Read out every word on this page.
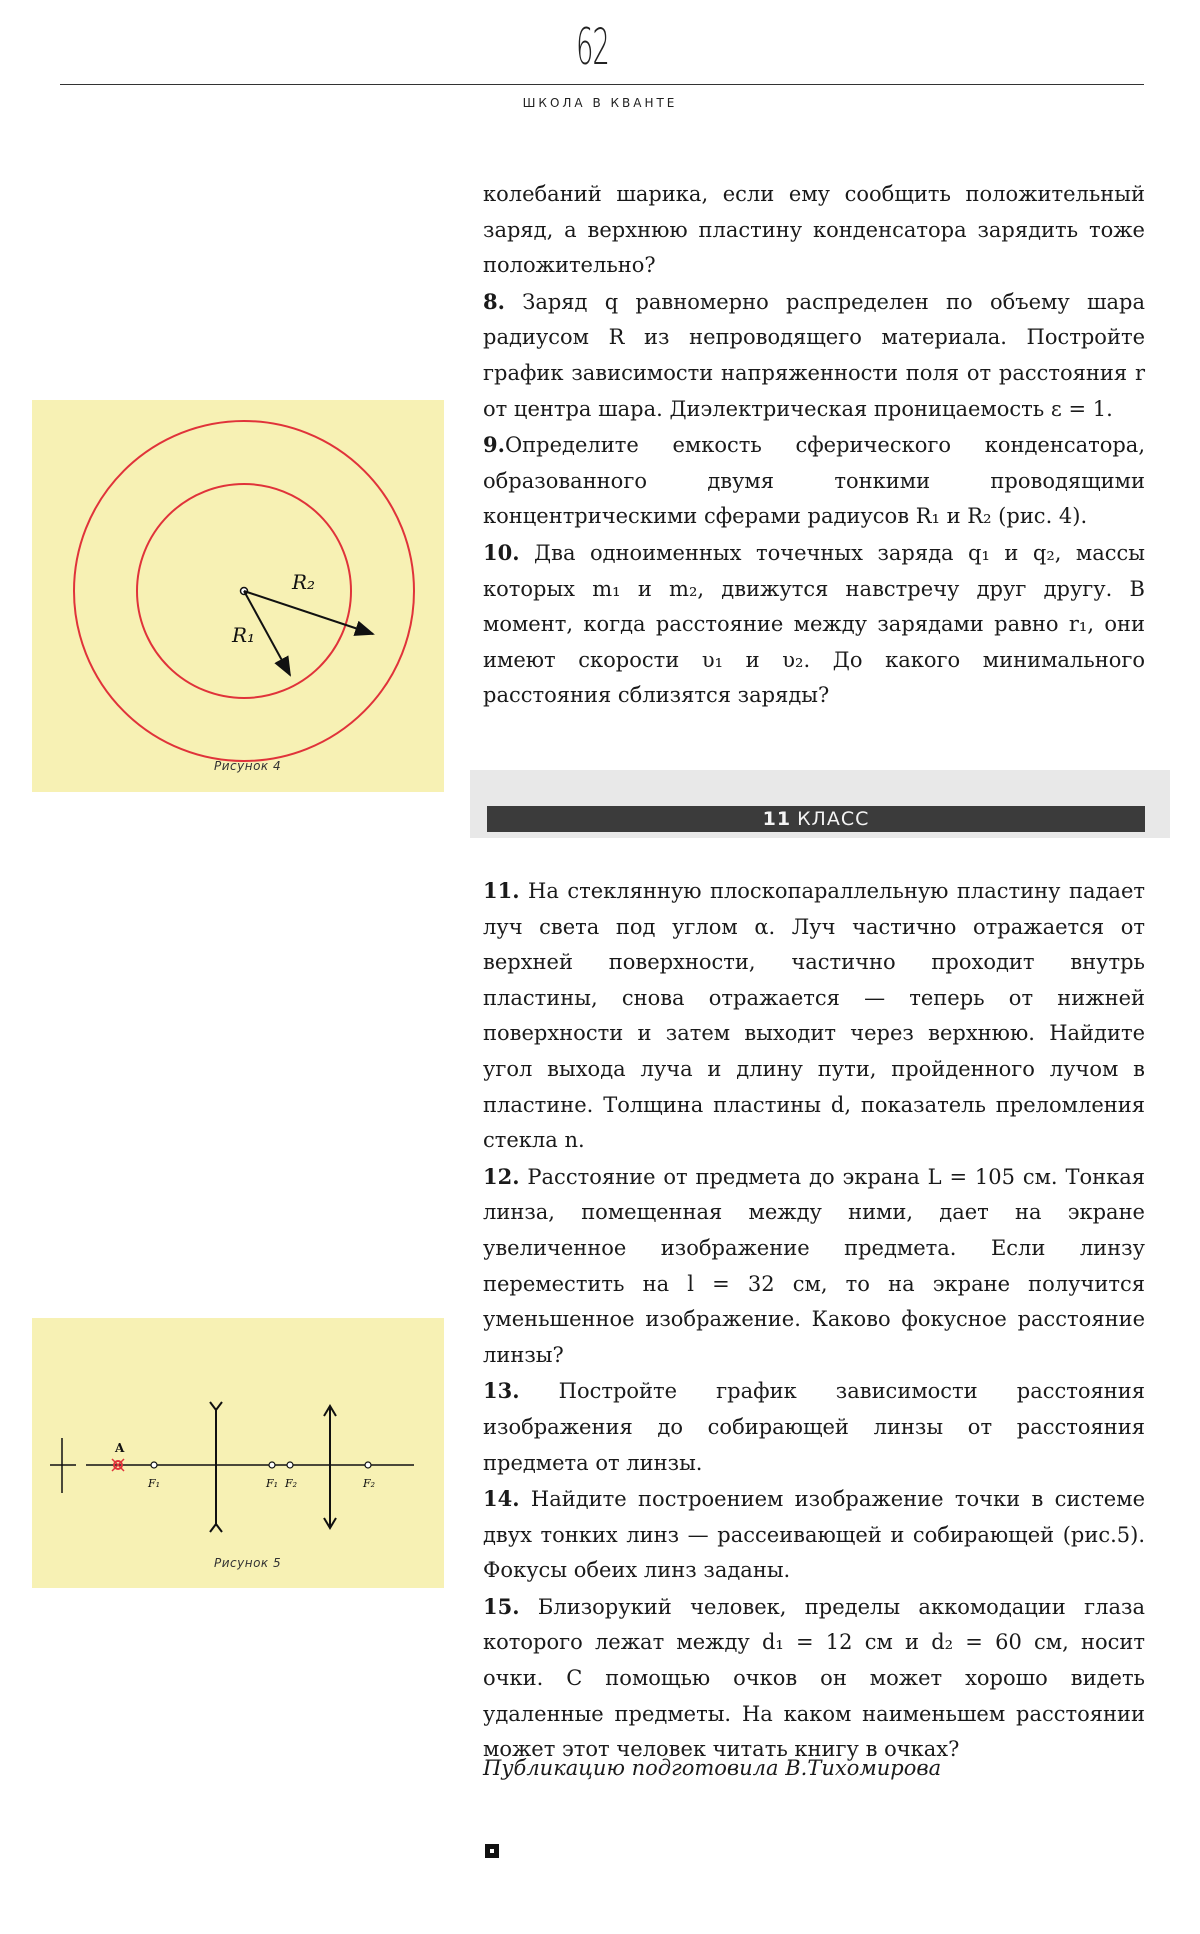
62
ШКОЛА В КВАНТЕ
R₁
R₂
Рисунок 4
A
F₁	F₁ F₂	F₂
Рисунок 5

колебаний шарика, если ему сообщить положительный заряд, а верхнюю пластину конденсатора зарядить тоже положительно?

8. Заряд q равномерно распределен по объему шара радиусом R из непроводящего материала. Постройте график зависимости напряженности поля от расстояния r от центра шара. Диэлектрическая проницаемость ε = 1.

9.Определите емкость сферического конденсатора, образованного двумя тонкими проводящими концентрическими сферами радиусов R₁ и R₂ (рис. 4).

10. Два одноименных точечных заряда q₁ и q₂, массы которых m₁ и m₂, движутся навстречу друг другу. В момент, когда расстояние между зарядами равно r₁, они имеют скорости υ₁ и υ₂. До какого минимального расстояния сблизятся заряды?

11 КЛАСС

11. На стеклянную плоскопараллельную пластину падает луч света под углом α. Луч частично отражается от верхней поверхности, частично проходит внутрь пластины, снова отражается — теперь от нижней поверхности и затем выходит через верхнюю. Найдите угол выхода луча и длину пути, пройденного лучом в пластине. Толщина пластины d, показатель преломления стекла n.

12. Расстояние от предмета до экрана L = 105 см. Тонкая линза, помещенная между ними, дает на экране увеличенное изображение предмета. Если линзу переместить на l = 32 см, то на экране получится уменьшенное изображение. Каково фокусное расстояние линзы?

13. Постройте график зависимости расстояния изображения до собирающей линзы от расстояния предмета от линзы.

14. Найдите построением изображение точки в системе двух тонких линз — рассеивающей и собирающей (рис.5). Фокусы обеих линз заданы.

15. Близорукий человек, пределы аккомодации глаза которого лежат между d₁ = 12 см и d₂ = 60 см, носит очки. С помощью очков он может хорошо видеть удаленные предметы. На каком наименьшем расстоянии может этот человек читать книгу в очках?

Публикацию подготовила В.Тихомирова
